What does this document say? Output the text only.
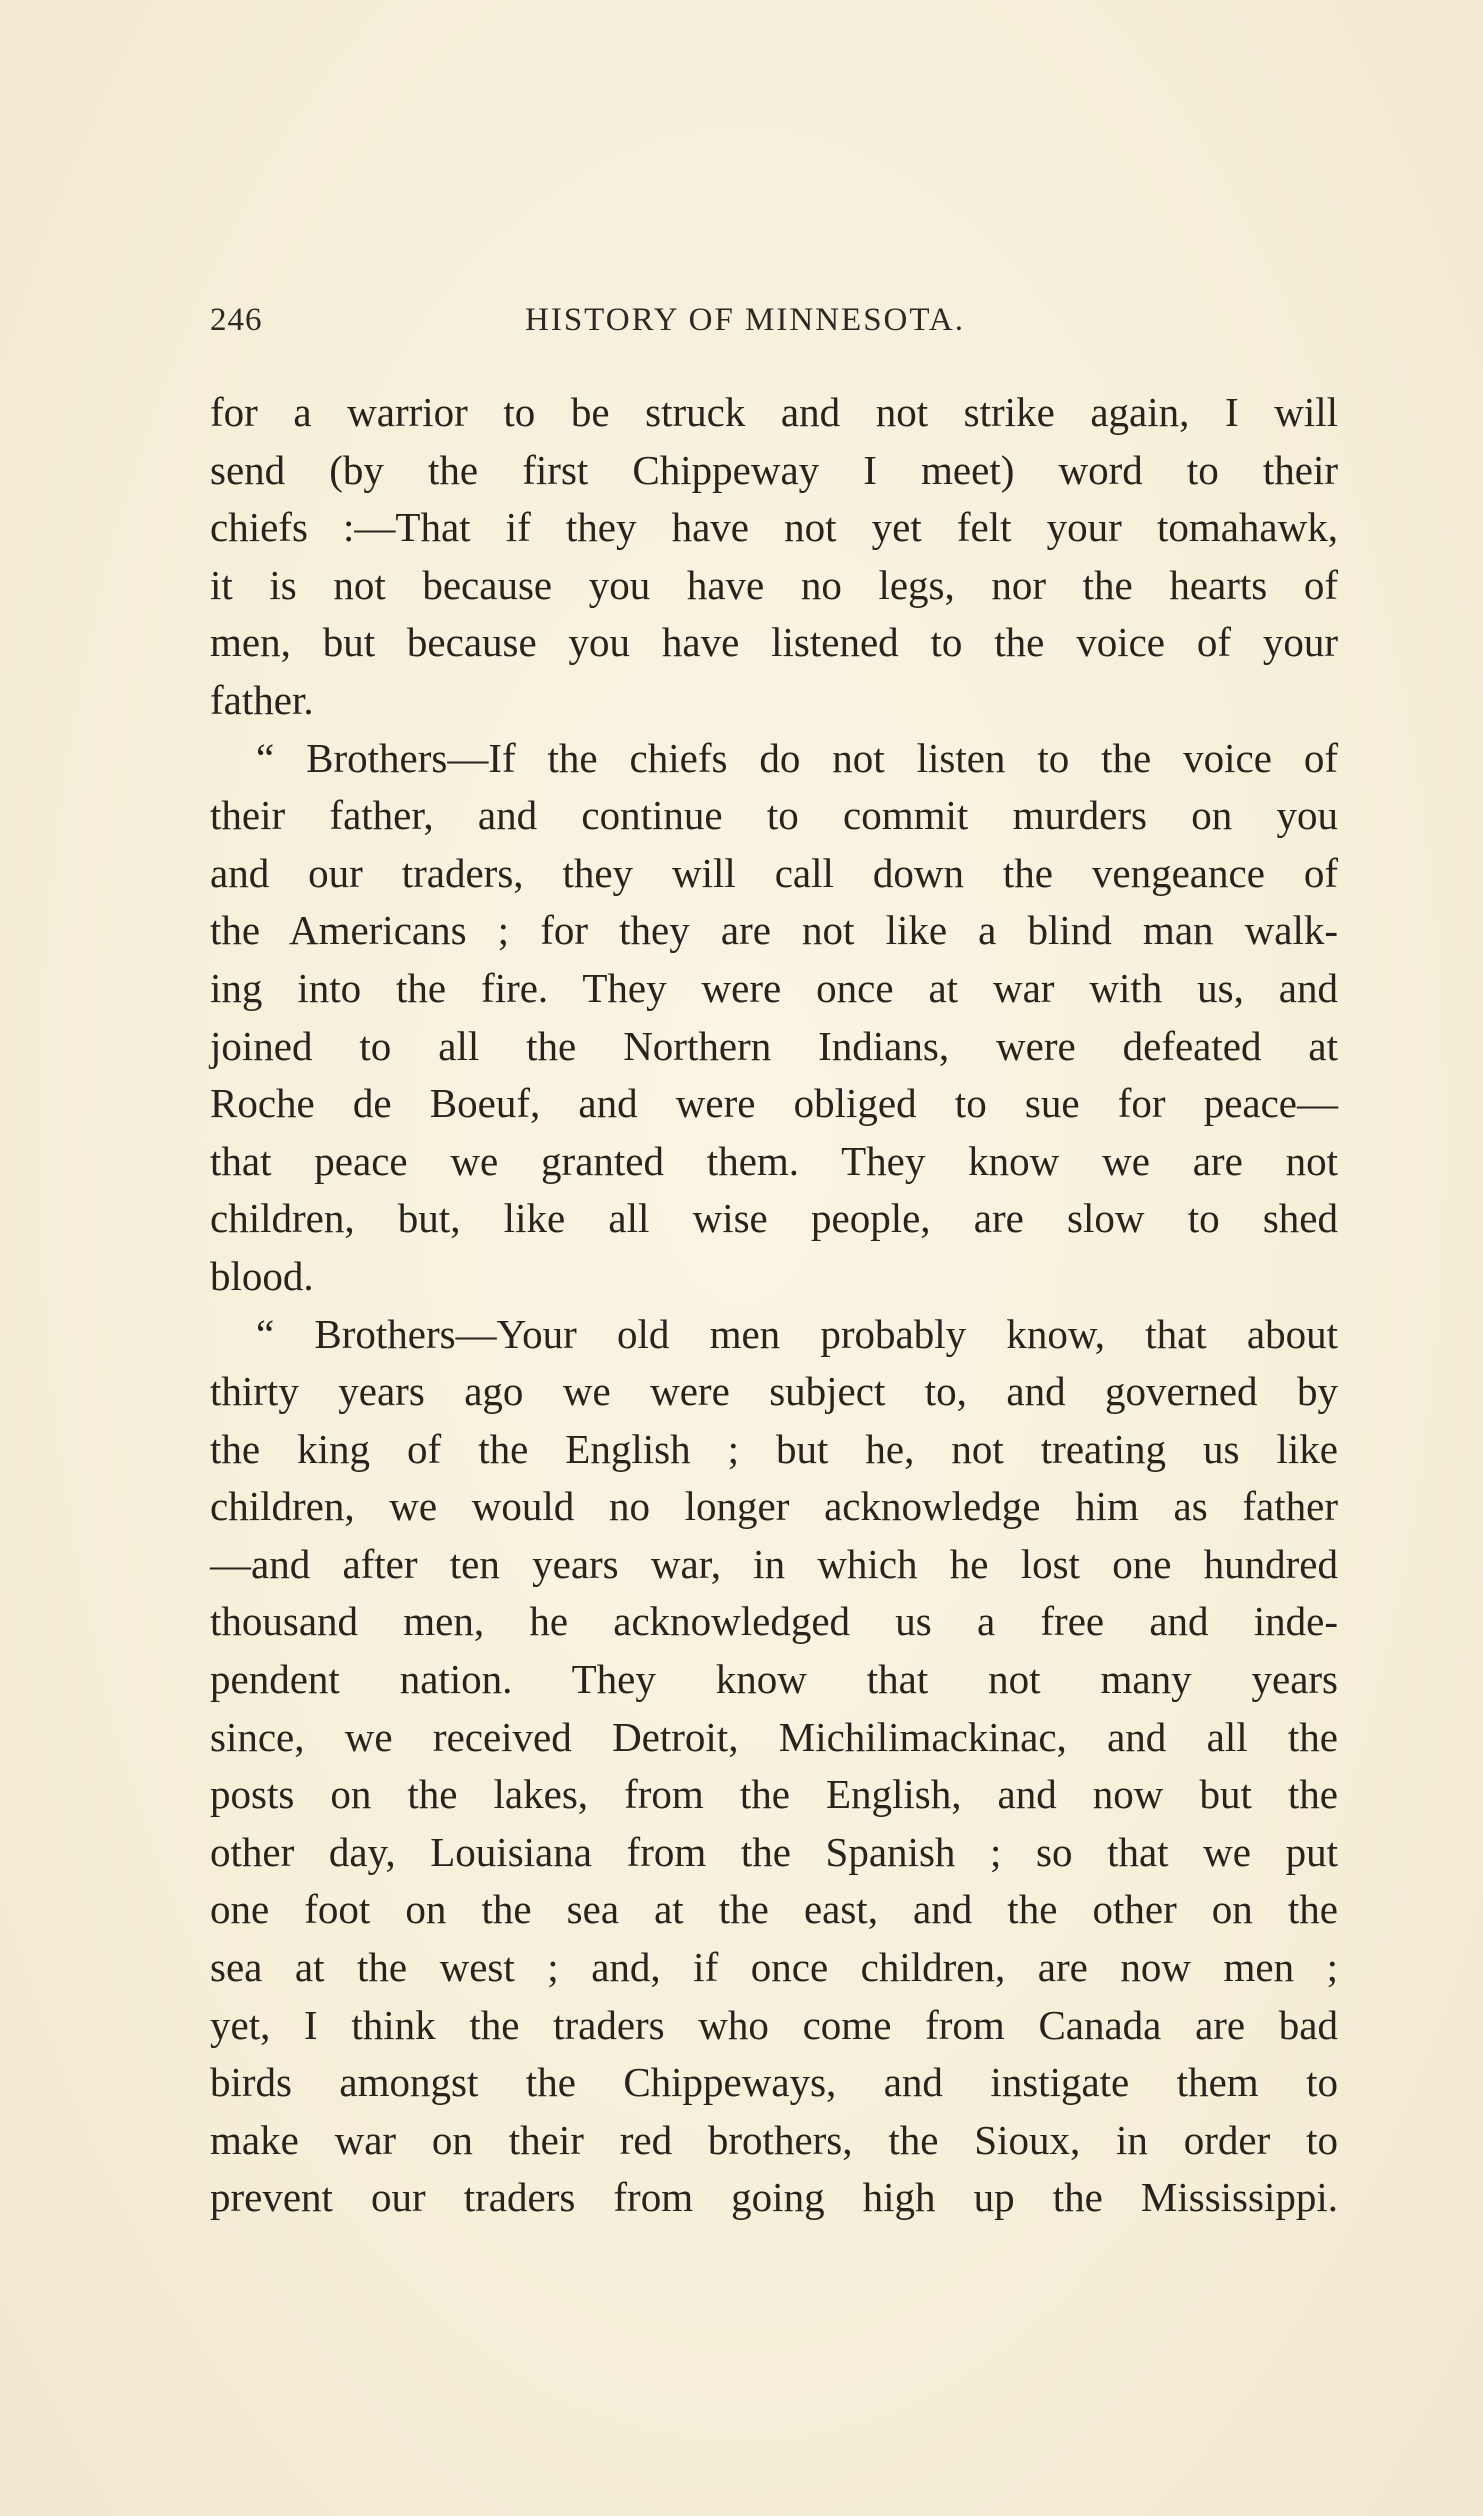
246	HISTORY OF MINNESOTA.
for a warrior to be struck and not strike again, I will
send (by the first Chippeway I meet) word to their
chiefs :—That if they have not yet felt your tomahawk,
it is not because you have no legs, nor the hearts of
men, but because you have listened to the voice of your
father.
“ Brothers—If the chiefs do not listen to the voice of
their father, and continue to commit murders on you
and our traders, they will call down the vengeance of
the Americans ; for they are not like a blind man walk-
ing into the fire. They were once at war with us, and
joined to all the Northern Indians, were defeated at
Roche de Boeuf, and were obliged to sue for peace—
that peace we granted them. They know we are not
children, but, like all wise people, are slow to shed
blood.
“ Brothers—Your old men probably know, that about
thirty years ago we were subject to, and governed by
the king of the English ; but he, not treating us like
children, we would no longer acknowledge him as father
—and after ten years war, in which he lost one hundred
thousand men, he acknowledged us a free and inde-
pendent nation. They know that not many years
since, we received Detroit, Michilimackinac, and all the
posts on the lakes, from the English, and now but the
other day, Louisiana from the Spanish ; so that we put
one foot on the sea at the east, and the other on the
sea at the west ; and, if once children, are now men ;
yet, I think the traders who come from Canada are bad
birds amongst the Chippeways, and instigate them to
make war on their red brothers, the Sioux, in order to
prevent our traders from going high up the Mississippi.
